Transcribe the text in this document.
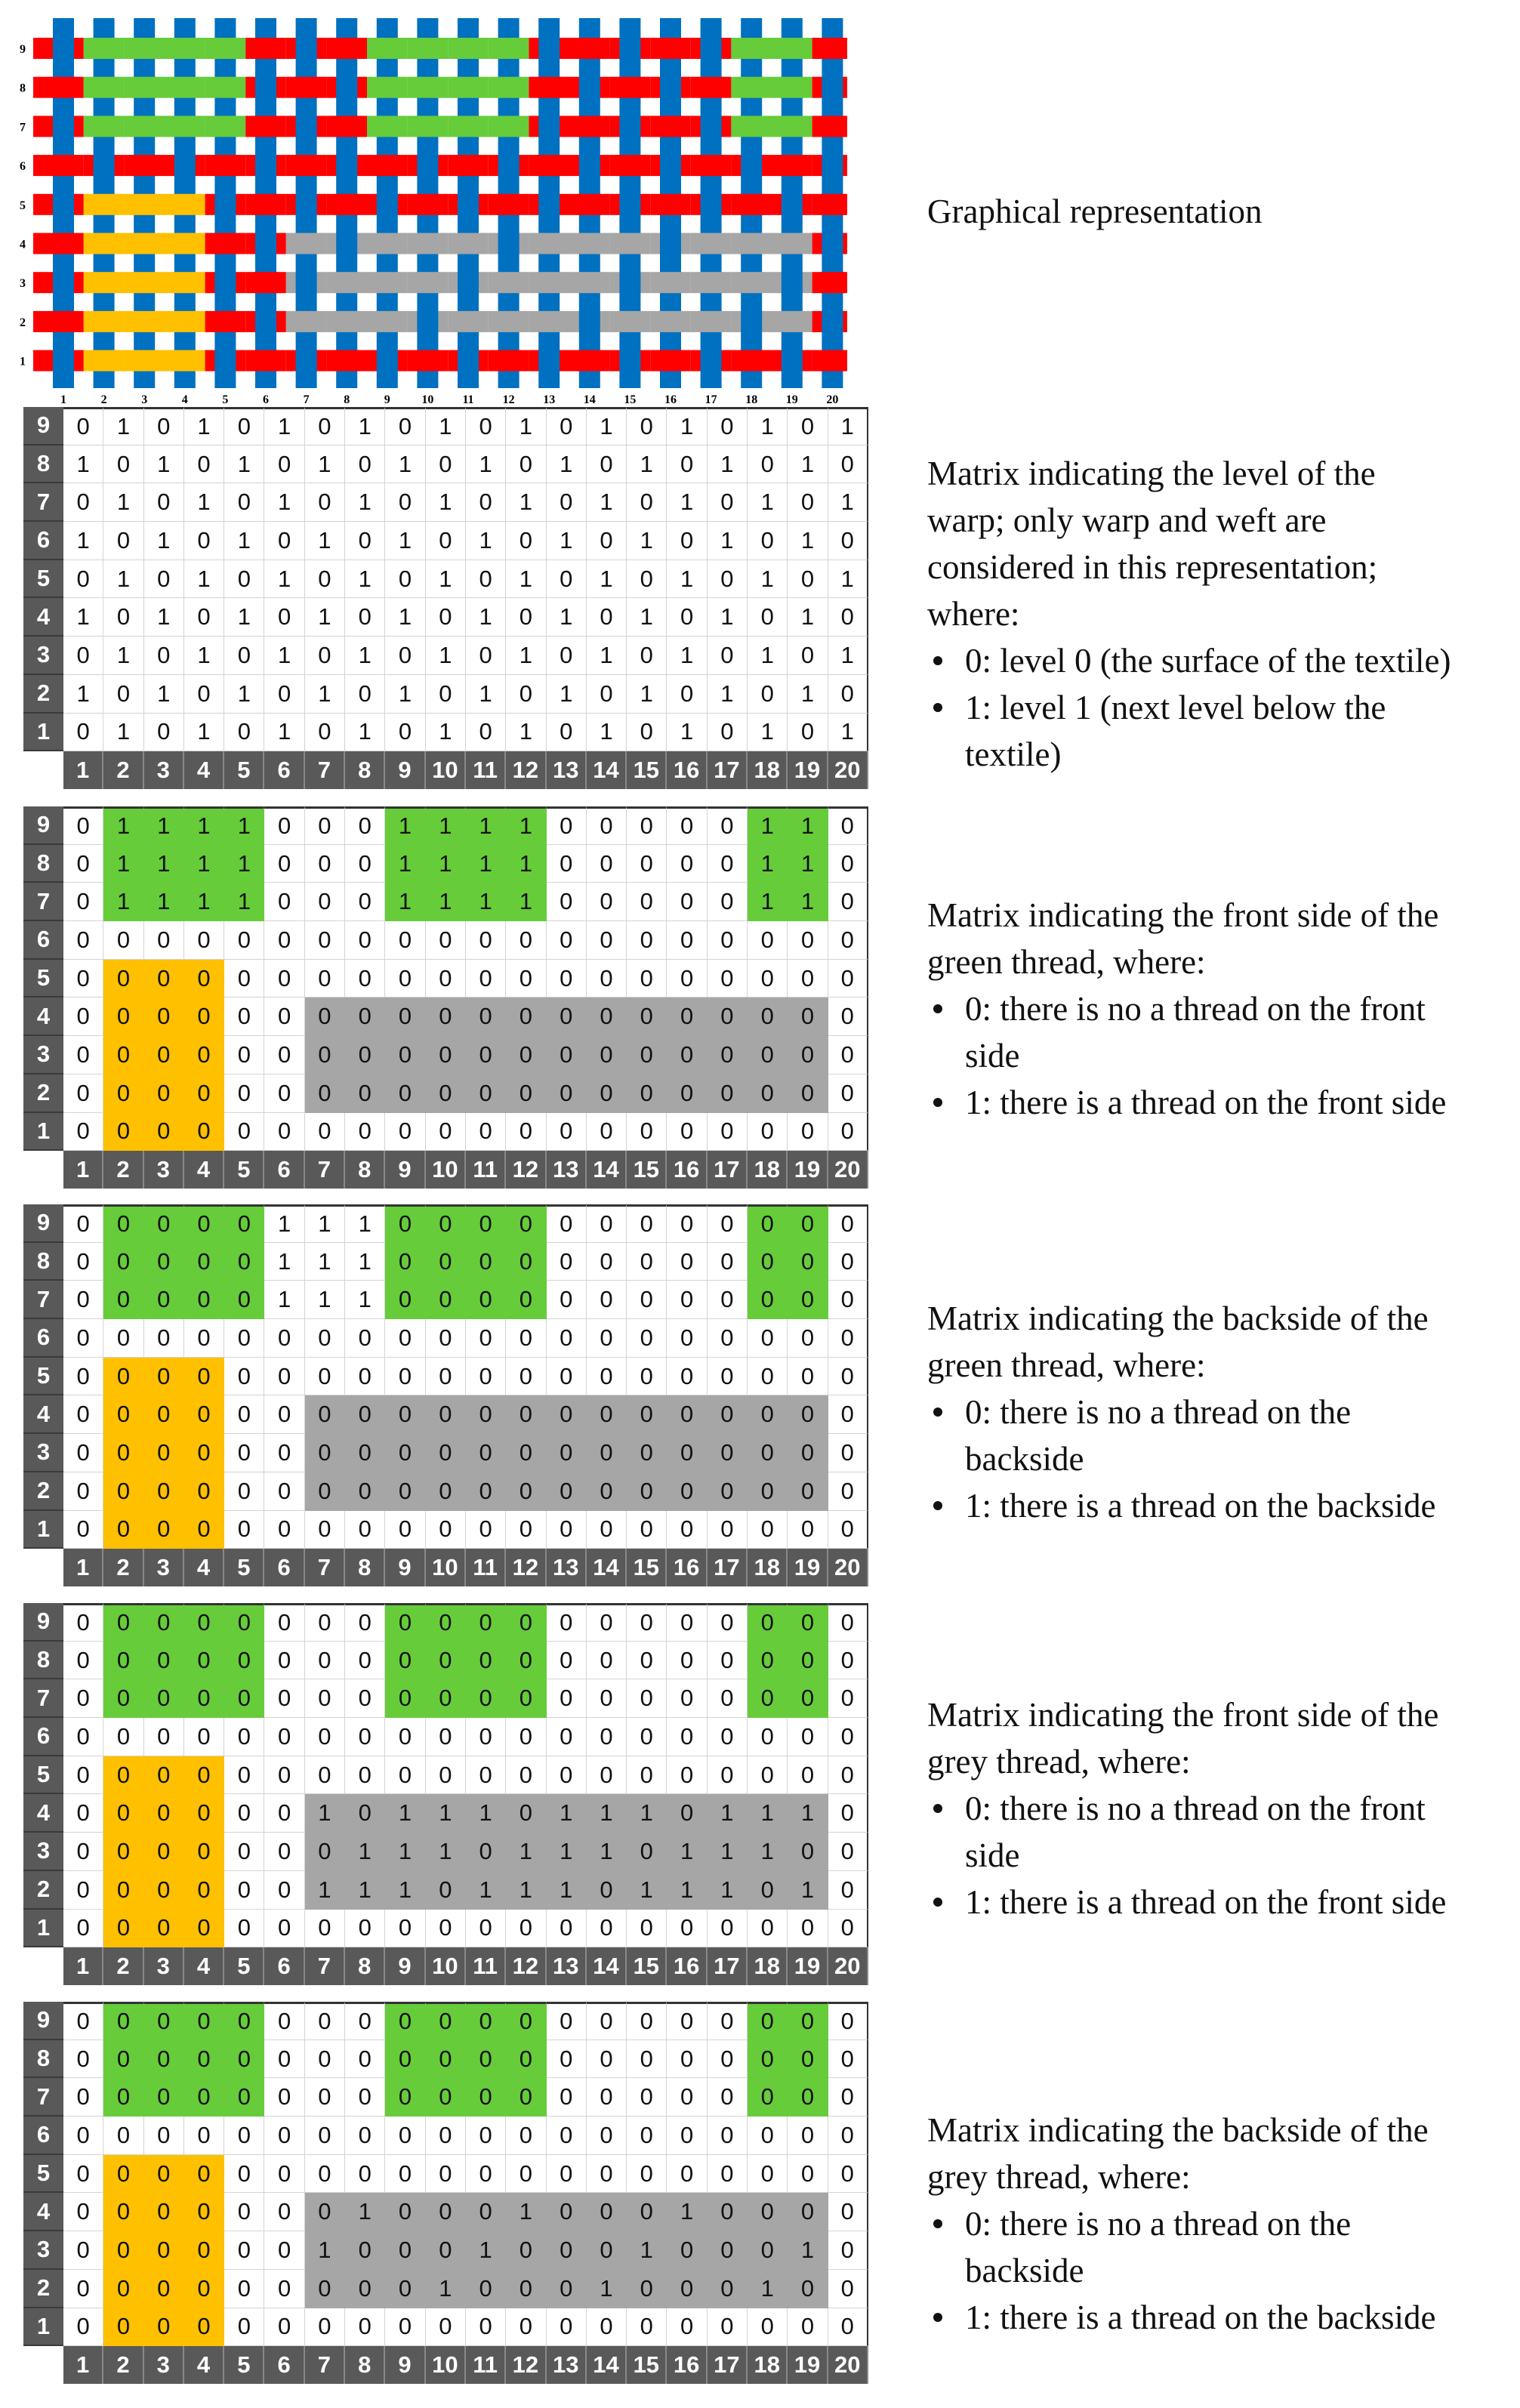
9
8
7
6
5
4
3
2
1
1	2	3	4	5	6	7	8	9	10 11 12 13 14 15 16 17 18 19 20
9	0	1	0	1	0	1	0	1	0	1	0	1	0	1	0	1	0	1	0	1
8	1	0	1	0	1	0	1	0	1	0	1	0	1	0	1	0	1	0	1	0
7	0	1	0	1	0	1	0	1	0	1	0	1	0	1	0	1	0	1	0	1
6	1	0	1	0	1	0	1	0	1	0	1	0	1	0	1	0	1	0	1	0
5	0	1	0	1	0	1	0	1	0	1	0	1	0	1	0	1	0	1	0	1
4	1	0	1	0	1	0	1	0	1	0	1	0	1	0	1	0	1	0	1	0
3	0	1	0	1	0	1	0	1	0	1	0	1	0	1	0	1	0	1	0	1
2	1	0	1	0	1	0	1	0	1	0	1	0	1	0	1	0	1	0	1	0
1	0	1	0	1	0	1	0	1	0	1	0	1	0	1	0	1	0	1	0	1
1	2	3	4	5	6	7	8	9 10 11 12 13 14 15 16 17 18 19 20
9	0	1	1	1	1	0	0	0	1	1	1	1	0	0	0	0	0	1	1	0
8	0	1	1	1	1	0	0	0	1	1	1	1	0	0	0	0	0	1	1	0
7	0	1	1	1	1	0	0	0	1	1	1	1	0	0	0	0	0	1	1	0
6	0	0	0	0	0	0	0	0	0	0	0	0	0	0	0	0	0	0	0	0
5	0	0	0	0	0	0	0	0	0	0	0	0	0	0	0	0	0	0	0	0
4	0	0	0	0	0	0	0	0	0	0	0	0	0	0	0	0	0	0	0	0
3	0	0	0	0	0	0	0	0	0	0	0	0	0	0	0	0	0	0	0	0
2	0	0	0	0	0	0	0	0	0	0	0	0	0	0	0	0	0	0	0	0
1	0	0	0	0	0	0	0	0	0	0	0	0	0	0	0	0	0	0	0	0
1	2	3	4	5	6	7	8	9 10 11 12 13 14 15 16 17 18 19 20
9	0	0	0	0	0	1	1	1	0	0	0	0	0	0	0	0	0	0	0	0
8	0	0	0	0	0	1	1	1	0	0	0	0	0	0	0	0	0	0	0	0
7	0	0	0	0	0	1	1	1	0	0	0	0	0	0	0	0	0	0	0	0
6	0	0	0	0	0	0	0	0	0	0	0	0	0	0	0	0	0	0	0	0
5	0	0	0	0	0	0	0	0	0	0	0	0	0	0	0	0	0	0	0	0
4	0	0	0	0	0	0	0	0	0	0	0	0	0	0	0	0	0	0	0	0
3	0	0	0	0	0	0	0	0	0	0	0	0	0	0	0	0	0	0	0	0
2	0	0	0	0	0	0	0	0	0	0	0	0	0	0	0	0	0	0	0	0
1	0	0	0	0	0	0	0	0	0	0	0	0	0	0	0	0	0	0	0	0
1	2	3	4	5	6	7	8	9 10 11 12 13 14 15 16 17 18 19 20
9	0	0	0	0	0	0	0	0	0	0	0	0	0	0	0	0	0	0	0	0
8	0	0	0	0	0	0	0	0	0	0	0	0	0	0	0	0	0	0	0	0
7	0	0	0	0	0	0	0	0	0	0	0	0	0	0	0	0	0	0	0	0
6	0	0	0	0	0	0	0	0	0	0	0	0	0	0	0	0	0	0	0	0
5	0	0	0	0	0	0	0	0	0	0	0	0	0	0	0	0	0	0	0	0
4	0	0	0	0	0	0	1	0	1	1	1	0	1	1	1	0	1	1	1	0
3	0	0	0	0	0	0	0	1	1	1	0	1	1	1	0	1	1	1	0	0
2	0	0	0	0	0	0	1	1	1	0	1	1	1	0	1	1	1	0	1	0
1	0	0	0	0	0	0	0	0	0	0	0	0	0	0	0	0	0	0	0	0
1	2	3	4	5	6	7	8	9 10 11 12 13 14 15 16 17 18 19 20
9	0	0	0	0	0	0	0	0	0	0	0	0	0	0	0	0	0	0	0	0
8	0	0	0	0	0	0	0	0	0	0	0	0	0	0	0	0	0	0	0	0
7	0	0	0	0	0	0	0	0	0	0	0	0	0	0	0	0	0	0	0	0
6	0	0	0	0	0	0	0	0	0	0	0	0	0	0	0	0	0	0	0	0
5	0	0	0	0	0	0	0	0	0	0	0	0	0	0	0	0	0	0	0	0
4	0	0	0	0	0	0	0	1	0	0	0	1	0	0	0	1	0	0	0	0
3	0	0	0	0	0	0	1	0	0	0	1	0	0	0	1	0	0	0	1	0
2	0	0	0	0	0	0	0	0	0	1	0	0	0	1	0	0	0	1	0	0
1	0	0	0	0	0	0	0	0	0	0	0	0	0	0	0	0	0	0	0	0
1	2	3	4	5	6	7	8	9 10 11 12 13 14 15 16 17 18 19 20
Graphical representation
Matrix indicating the level of the
warp; only warp and weft are
considered in this representation;
where:
0: level 0 (the surface of the textile)
1: level 1 (next level below the
textile)
Matrix indicating the front side of the
green thread, where:
0: there is no a thread on the front
side
1: there is a thread on the front side
Matrix indicating the backside of the
green thread, where:
0: there is no a thread on the
backside
1: there is a thread on the backside
Matrix indicating the front side of the
grey thread, where:
0: there is no a thread on the front
side
1: there is a thread on the front side
Matrix indicating the backside of the
grey thread, where:
0: there is no a thread on the
backside
1: there is a thread on the backside
